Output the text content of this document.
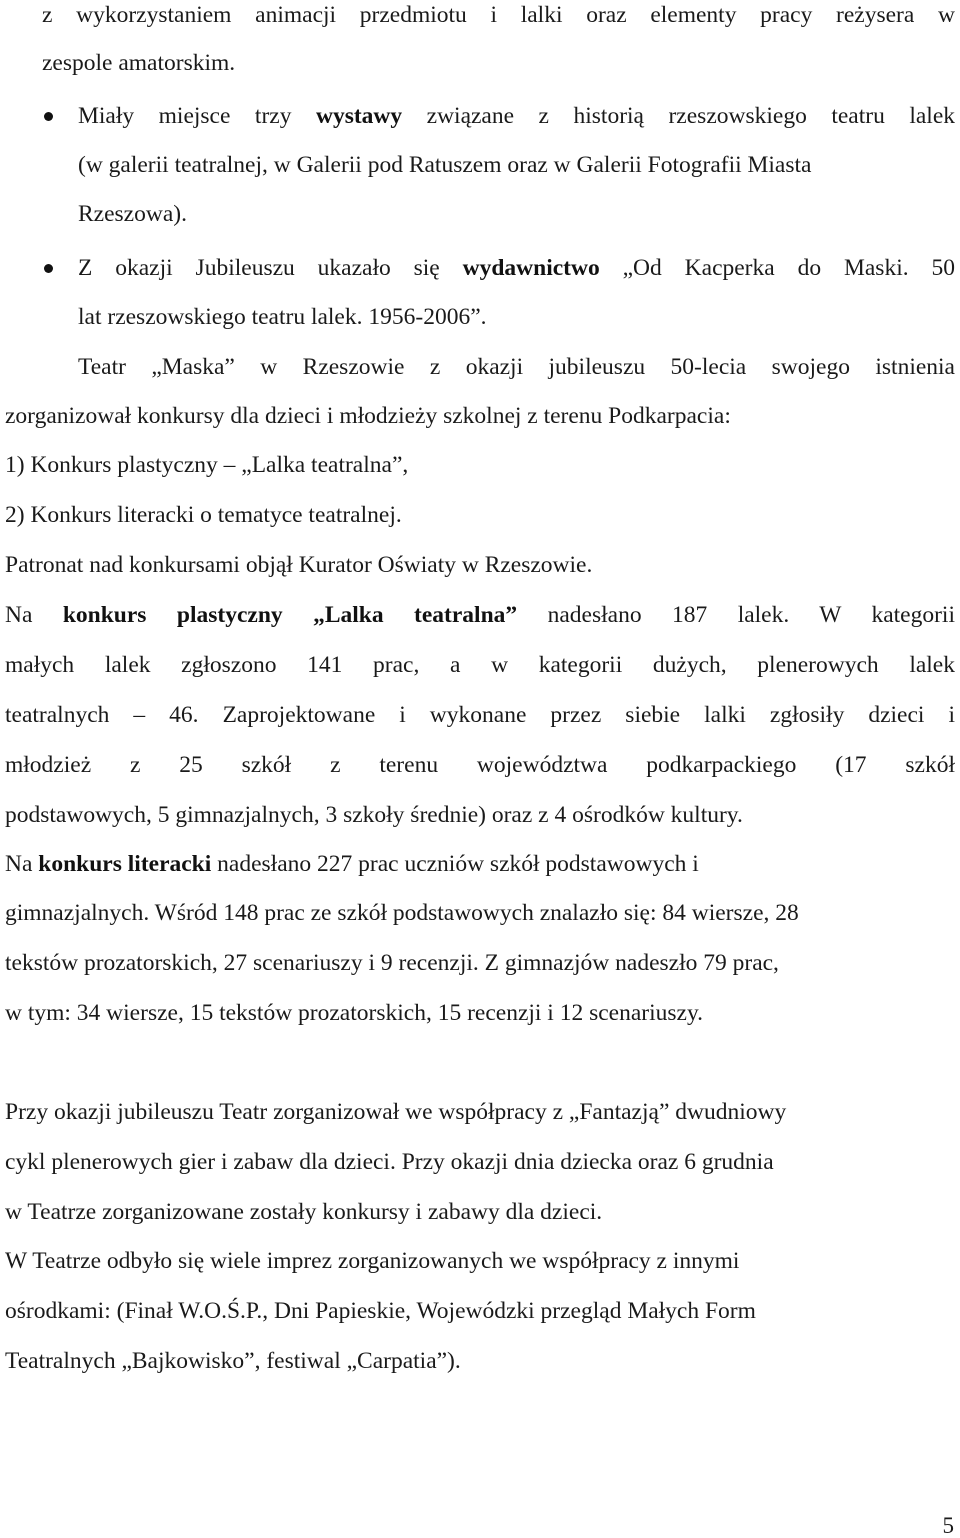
z wykorzystaniem animacji przedmiotu i lalki oraz elementy pracy reżysera w
zespole amatorskim.
Miały miejsce trzy wystawy związane z historią rzeszowskiego teatru lalek
(w galerii teatralnej, w Galerii pod Ratuszem oraz w Galerii Fotografii Miasta
Rzeszowa).
Z okazji Jubileuszu ukazało się wydawnictwo „Od Kacperka do Maski. 50
lat rzeszowskiego teatru lalek. 1956-2006”.
Teatr „Maska” w Rzeszowie z okazji jubileuszu 50-lecia swojego istnienia
zorganizował konkursy dla dzieci i młodzieży szkolnej z terenu Podkarpacia:
1) Konkurs plastyczny – „Lalka teatralna”,
2) Konkurs literacki o tematyce teatralnej.
Patronat nad konkursami objął Kurator Oświaty w Rzeszowie.
Na konkurs plastyczny „Lalka teatralna” nadesłano 187 lalek. W kategorii
małych lalek zgłoszono 141 prac, a w kategorii dużych, plenerowych lalek
teatralnych – 46. Zaprojektowane i wykonane przez siebie lalki zgłosiły dzieci i
młodzież z 25 szkół z terenu województwa podkarpackiego (17 szkół
podstawowych, 5 gimnazjalnych, 3 szkoły średnie) oraz z 4 ośrodków kultury.
Na konkurs literacki nadesłano 227 prac uczniów szkół podstawowych i
gimnazjalnych. Wśród 148 prac ze szkół podstawowych znalazło się: 84 wiersze, 28
tekstów prozatorskich, 27 scenariuszy i 9 recenzji. Z gimnazjów nadeszło 79 prac,
w tym: 34 wiersze, 15 tekstów prozatorskich, 15 recenzji i 12 scenariuszy.
Przy okazji jubileuszu Teatr zorganizował we współpracy z „Fantazją” dwudniowy
cykl plenerowych gier i zabaw dla dzieci. Przy okazji dnia dziecka oraz 6 grudnia
w Teatrze zorganizowane zostały konkursy i zabawy dla dzieci.
W Teatrze odbyło się wiele imprez zorganizowanych we współpracy z innymi
ośrodkami: (Finał W.O.Ś.P., Dni Papieskie, Wojewódzki przegląd Małych Form
Teatralnych „Bajkowisko”, festiwal „Carpatia”).
5
